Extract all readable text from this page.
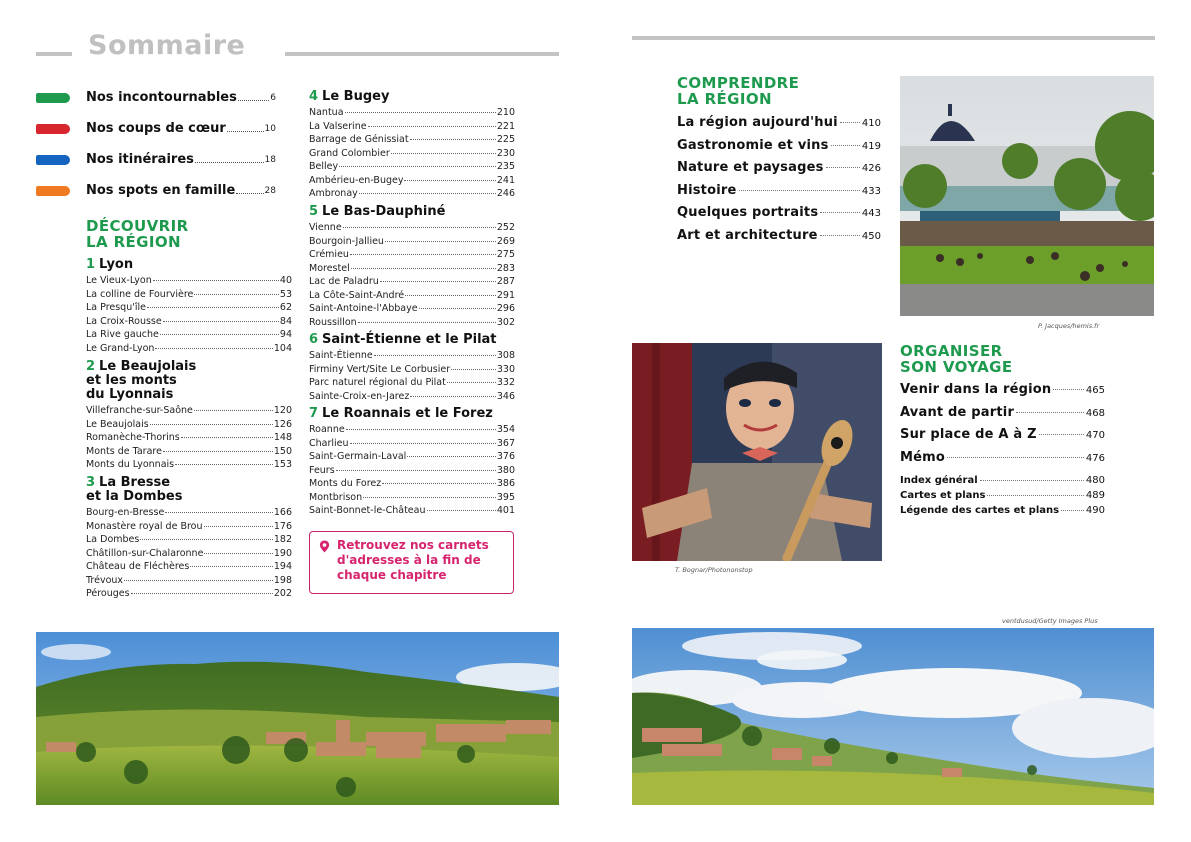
Sommaire
Nos incontournables	6
Nos coups de cœur	10
Nos itinéraires	18
Nos spots en famille	28
DÉCOUVRIR
LA RÉGION
1 Lyon
Le Vieux-Lyon	40
La colline de Fourvière	53
La Presqu'île	62
La Croix-Rousse	84
La Rive gauche	94
Le Grand-Lyon	104
2 Le Beaujolais
et les monts
du Lyonnais
Villefranche-sur-Saône	120
Le Beaujolais	126
Romanèche-Thorins	148
Monts de Tarare	150
Monts du Lyonnais	153
3 La Bresse
et la Dombes
Bourg-en-Bresse	166
Monastère royal de Brou	176
La Dombes	182
Châtillon-sur-Chalaronne	190
Château de Fléchères	194
Trévoux	198
Pérouges	202
4 Le Bugey
Nantua	210
La Valserine	221
Barrage de Génissiat	225
Grand Colombier	230
Belley	235
Ambérieu-en-Bugey	241
Ambronay	246
5 Le Bas-Dauphiné
Vienne	252
Bourgoin-Jallieu	269
Crémieu	275
Morestel	283
Lac de Paladru	287
La Côte-Saint-André	291
Saint-Antoine-l'Abbaye	296
Roussillon	302
6 Saint-Étienne et le Pilat
Saint-Étienne	308
Firminy Vert/Site Le Corbusier	330
Parc naturel régional du Pilat	332
Sainte-Croix-en-Jarez	346
7 Le Roannais et le Forez
Roanne	354
Charlieu	367
Saint-Germain-Laval	376
Feurs	380
Monts du Forez	386
Montbrison	395
Saint-Bonnet-le-Château	401
Retrouvez nos carnets d'adresses à la fin de chaque chapitre
COMPRENDRE
LA RÉGION
La région aujourd'hui 410
Gastronomie et vins	419
Nature et paysages	426
Histoire	433
Quelques portraits	443
Art et architecture	450
P. Jacques/hemis.fr
T. Bognar/Photononstop
ORGANISER
SON VOYAGE
Venir dans la région	465
Avant de partir	468
Sur place de A à Z	470
Mémo	476
Index général	480
Cartes et plans	489
Légende des cartes et plans	490
ventdusud/Getty Images Plus
